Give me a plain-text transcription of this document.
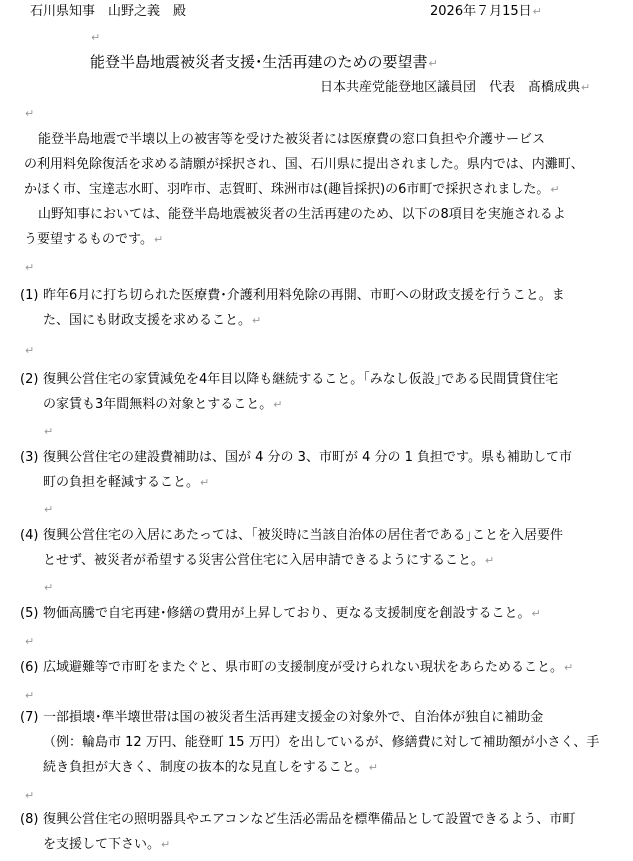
石川県知事　山野之義　殿	2026年７月15日↵
↵
能登半島地震被災者支援･生活再建のための要望書↵
日本共産党能登地区議員団　代表　髙橋成典↵
↵
能登半島地震で半壊以上の被害等を受けた被災者には医療費の窓口負担や介護サービス
の利用料免除復活を求める請願が採択され、国、石川県に提出されました。県内では、内灘町、
かほく市、宝達志水町、羽咋市、志賀町、珠洲市は(趣旨採択)の6市町で採択されました。↵
山野知事においては、能登半島地震被災者の生活再建のため、以下の8項目を実施されるよ
う要望するものです。↵
↵
(1) 昨年6月に打ち切られた医療費･介護利用料免除の再開、市町への財政支援を行うこと。ま
た、国にも財政支援を求めること。↵
↵
(2) 復興公営住宅の家賃減免を4年目以降も継続すること。｢みなし仮設｣である民間賃貸住宅
の家賃も3年間無料の対象とすること。↵
↵
(3) 復興公営住宅の建設費補助は、国が 4 分の 3、市町が 4 分の 1 負担です。県も補助して市
町の負担を軽減すること。↵
↵
(4) 復興公営住宅の入居にあたっては、｢被災時に当該自治体の居住者である｣ことを入居要件
とせず、被災者が希望する災害公営住宅に入居申請できるようにすること。↵
↵
(5) 物価高騰で自宅再建･修繕の費用が上昇しており、更なる支援制度を創設すること。↵
↵
(6) 広域避難等で市町をまたぐと、県市町の支援制度が受けられない現状をあらためること。↵
↵
(7) 一部損壊･準半壊世帯は国の被災者生活再建支援金の対象外で、自治体が独自に補助金
（例：輪島市 12 万円、能登町 15 万円）を出しているが、修繕費に対して補助額が小さく、手
続き負担が大きく、制度の抜本的な見直しをすること。↵
↵
(8) 復興公営住宅の照明器具やエアコンなど生活必需品を標準備品として設置できるよう、市町
を支援して下さい。↵
